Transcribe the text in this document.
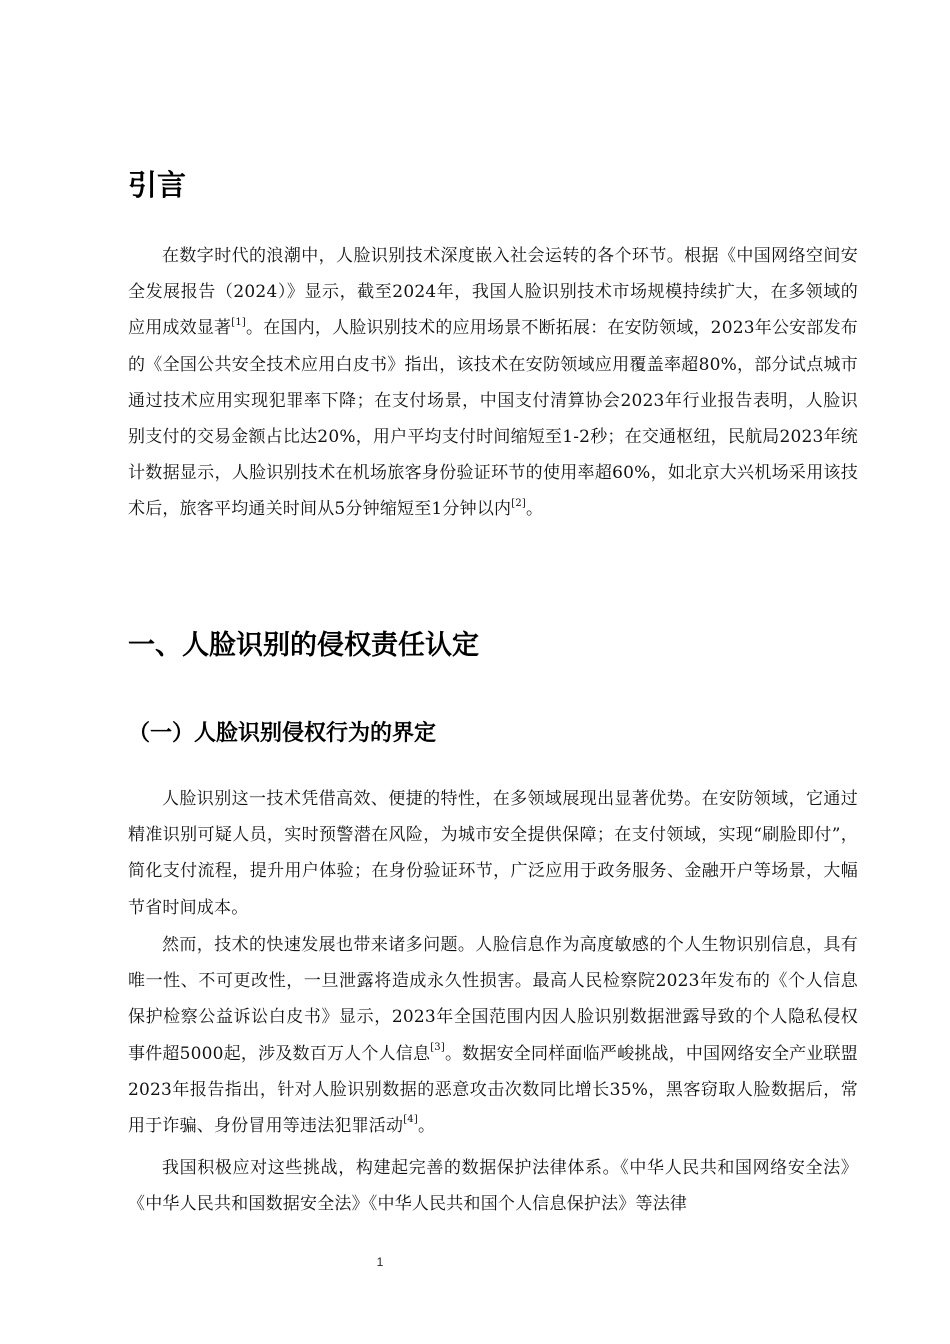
引言

在数字时代的浪潮中，人脸识别技术深度嵌入社会运转的各个环节。根据《中国网络空间安全发展报告（2024）》显示，截至2024年，我国人脸识别技术市场规模持续扩大，在多领域的应用成效显著[1]。在国内，人脸识别技术的应用场景不断拓展：在安防领域，2023年公安部发布的《全国公共安全技术应用白皮书》指出，该技术在安防领域应用覆盖率超80%，部分试点城市通过技术应用实现犯罪率下降；在支付场景，中国支付清算协会2023年行业报告表明，人脸识别支付的交易金额占比达20%，用户平均支付时间缩短至1-2秒；在交通枢纽，民航局2023年统计数据显示，人脸识别技术在机场旅客身份验证环节的使用率超60%，如北京大兴机场采用该技术后，旅客平均通关时间从5分钟缩短至1分钟以内[2]。

一、人脸识别的侵权责任认定
（一）人脸识别侵权行为的界定

人脸识别这一技术凭借高效、便捷的特性，在多领域展现出显著优势。在安防领域，它通过精准识别可疑人员，实时预警潜在风险，为城市安全提供保障；在支付领域，实现“刷脸即付”，简化支付流程，提升用户体验；在身份验证环节，广泛应用于政务服务、金融开户等场景，大幅节省时间成本。

然而，技术的快速发展也带来诸多问题。人脸信息作为高度敏感的个人生物识别信息，具有唯一性、不可更改性，一旦泄露将造成永久性损害。最高人民检察院2023年发布的《个人信息保护检察公益诉讼白皮书》显示，2023年全国范围内因人脸识别数据泄露导致的个人隐私侵权事件超5000起，涉及数百万人个人信息[3]。数据安全同样面临严峻挑战，中国网络安全产业联盟2023年报告指出，针对人脸识别数据的恶意攻击次数同比增长35%，黑客窃取人脸数据后，常用于诈骗、身份冒用等违法犯罪活动[4]。

我国积极应对这些挑战，构建起完善的数据保护法律体系。《中华人民共和国网络安全法》《中华人民共和国数据安全法》《中华人民共和国个人信息保护法》等法律

1
